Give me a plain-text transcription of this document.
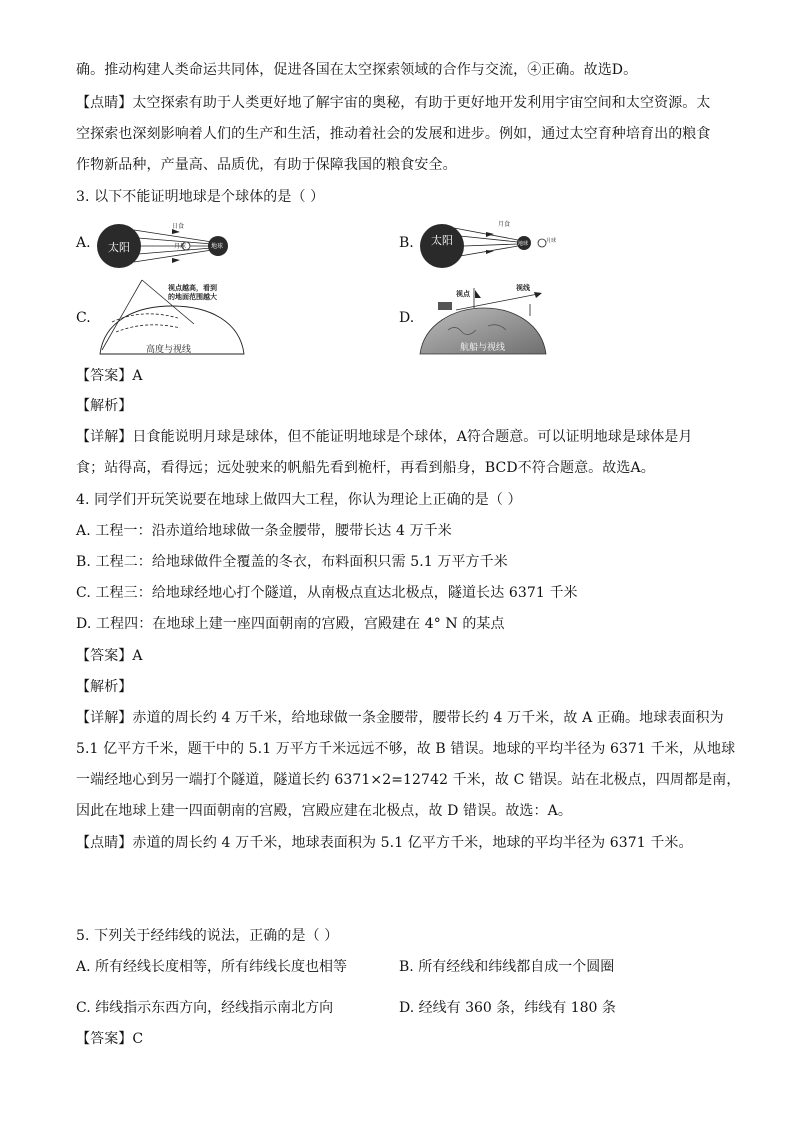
确。推动构建人类命运共同体，促进各国在太空探索领域的合作与交流，④正确。故选D。
【点睛】太空探索有助于人类更好地了解宇宙的奥秘，有助于更好地开发利用宇宙空间和太空资源。太
空探索也深刻影响着人们的生产和生活，推动着社会的发展和进步。例如，通过太空育种培育出的粮食
作物新品种，产量高、品质优，有助于保障我国的粮食安全。
3. 以下不能证明地球是个球体的是（ ）
A. 太阳
日食
月球	地球	B. 太阳
月食
地球	月球
C.
视点越高，看到
的地面范围越大
高度与视线
D.
视点
视线
航船与视线
【答案】A
【解析】
【详解】日食能说明月球是球体，但不能证明地球是个球体，A符合题意。可以证明地球是球体是月
食；站得高，看得远；远处驶来的帆船先看到桅杆，再看到船身，BCD不符合题意。故选A。
4. 同学们开玩笑说要在地球上做四大工程，你认为理论上正确的是（ ）
A. 工程一：沿赤道给地球做一条金腰带，腰带长达 4 万千米
B. 工程二：给地球做件全覆盖的冬衣，布料面积只需 5.1 万平方千米
C. 工程三：给地球经地心打个隧道，从南极点直达北极点，隧道长达 6371 千米
D. 工程四：在地球上建一座四面朝南的宫殿，宫殿建在 4° N 的某点
【答案】A
【解析】
【详解】赤道的周长约 4 万千米，给地球做一条金腰带，腰带长约 4 万千米，故 A 正确。地球表面积为
5.1 亿平方千米，题干中的 5.1 万平方千米远远不够，故 B 错误。地球的平均半径为 6371 千米，从地球
一端经地心到另一端打个隧道，隧道长约 6371×2=12742 千米，故 C 错误。站在北极点，四周都是南，
因此在地球上建一四面朝南的宫殿，宫殿应建在北极点，故 D 错误。故选：A。
【点睛】赤道的周长约 4 万千米，地球表面积为 5.1 亿平方千米，地球的平均半径为 6371 千米。
5. 下列关于经纬线的说法，正确的是（ ）
A. 所有经线长度相等，所有纬线长度也相等	B. 所有经线和纬线都自成一个圆圈
C. 纬线指示东西方向，经线指示南北方向	D. 经线有 360 条，纬线有 180 条
【答案】C
